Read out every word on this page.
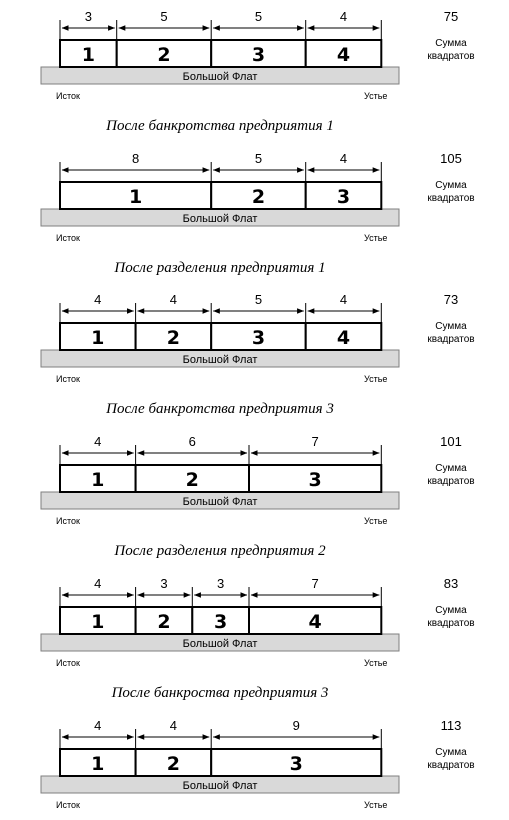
Большой Флат
Исток	Устье
75
Сумма
квадратов
1
3
2
5
3
5
4
4
Большой Флат
Исток	Устье
105
Сумма
квадратов
1
8
2
5
3
4
Большой Флат
Исток	Устье
73
Сумма
квадратов
1
4
2
4
3
5
4
4
Большой Флат
Исток	Устье
101
Сумма
квадратов
1
4
2
6
3
7
Большой Флат
Исток	Устье
83
Сумма
квадратов
1
4
2
3
3
3
4
7
Большой Флат
Исток	Устье
113
Сумма
квадратов
1
4
2
4
3
9
После банкротства предприятия 1
После разделения предприятия 1
После банкротства предприятия 3
После разделения предприятия 2
После банкроства предприятия 3
